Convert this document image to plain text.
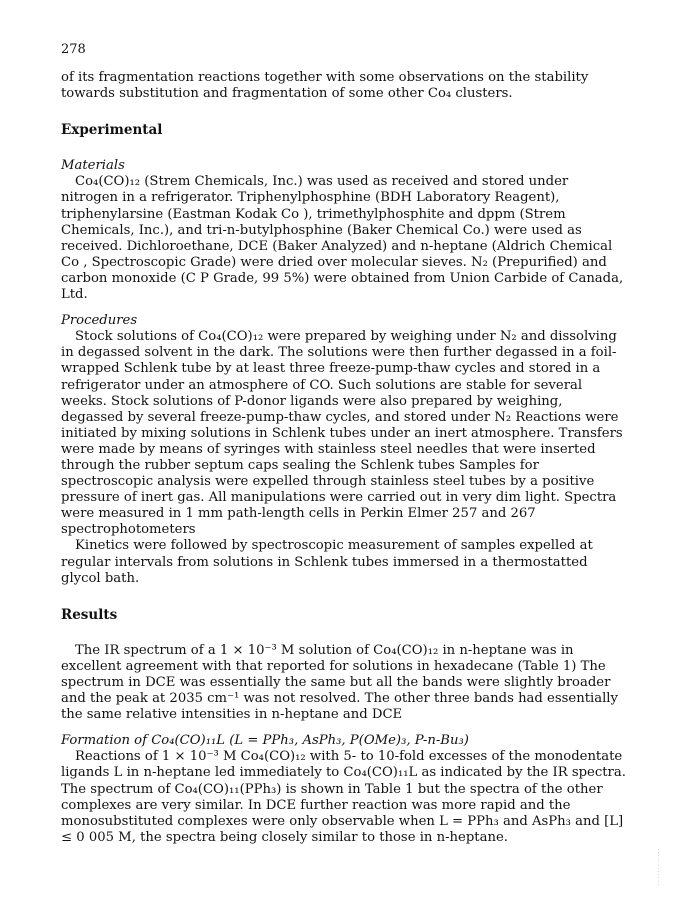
278

of its fragmentation reactions together with some observations on the stability towards substitution and fragmentation of some other Co₄ clusters.

Experimental

Materials

Co₄(CO)₁₂ (Strem Chemicals, Inc.) was used as received and stored under nitrogen in a refrigerator. Triphenylphosphine (BDH Laboratory Reagent), triphenylarsine (Eastman Kodak Co ), trimethylphosphite and dppm (Strem Chemicals, Inc.), and tri-n-butylphosphine (Baker Chemical Co.) were used as received. Dichloroethane, DCE (Baker Analyzed) and n-heptane (Aldrich Chemical Co , Spectroscopic Grade) were dried over molecular sieves. N₂ (Prepurified) and carbon monoxide (C P Grade, 99 5%) were obtained from Union Carbide of Canada, Ltd.

Procedures

Stock solutions of Co₄(CO)₁₂ were prepared by weighing under N₂ and dissolving in degassed solvent in the dark. The solutions were then further degassed in a foil-wrapped Schlenk tube by at least three freeze-pump-thaw cycles and stored in a refrigerator under an atmosphere of CO. Such solutions are stable for several weeks. Stock solutions of P-donor ligands were also prepared by weighing, degassed by several freeze-pump-thaw cycles, and stored under N₂ Reactions were initiated by mixing solutions in Schlenk tubes under an inert atmosphere. Transfers were made by means of syringes with stainless steel needles that were inserted through the rubber septum caps sealing the Schlenk tubes Samples for spectroscopic analysis were expelled through stainless steel tubes by a positive pressure of inert gas. All manipulations were carried out in very dim light. Spectra were measured in 1 mm path-length cells in Perkin Elmer 257 and 267 spectrophotometers

Kinetics were followed by spectroscopic measurement of samples expelled at regular intervals from solutions in Schlenk tubes immersed in a thermostatted glycol bath.

Results

The IR spectrum of a 1 × 10⁻³ M solution of Co₄(CO)₁₂ in n-heptane was in excellent agreement with that reported for solutions in hexadecane (Table 1) The spectrum in DCE was essentially the same but all the bands were slightly broader and the peak at 2035 cm⁻¹ was not resolved. The other three bands had essentially the same relative intensities in n-heptane and DCE

Formation of Co₄(CO)₁₁L (L = PPh₃, AsPh₃, P(OMe)₃, P-n-Bu₃)

Reactions of 1 × 10⁻³ M Co₄(CO)₁₂ with 5- to 10-fold excesses of the monodentate ligands L in n-heptane led immediately to Co₄(CO)₁₁L as indicated by the IR spectra. The spectrum of Co₄(CO)₁₁(PPh₃) is shown in Table 1 but the spectra of the other complexes are very similar. In DCE further reaction was more rapid and the monosubstituted complexes were only observable when L = PPh₃ and AsPh₃ and [L] ≤ 0 005 M, the spectra being closely similar to those in n-heptane.

· · · · · · · · · · · ·
